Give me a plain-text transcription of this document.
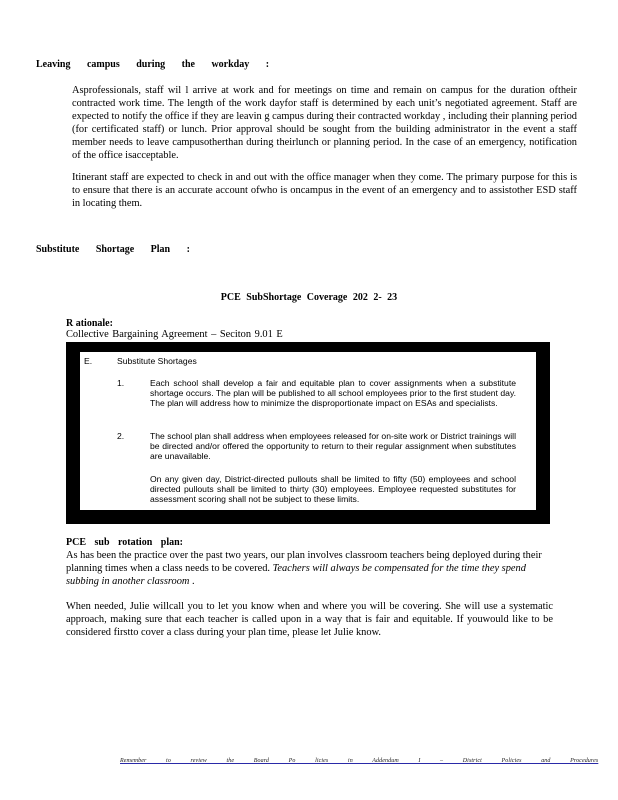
Leaving campus during the workday :
Asprofessionals, staff wil l arrive at work and for meetings on time and remain on campus for the duration oftheir contracted work time. The length of the work dayfor staff is determined by each unit’s negotiated agreement. Staff are expected to notify the office if they are leavin g campus during their contracted workday , including their planning period (for certificated staff) or lunch. Prior approval should be sought from the building administrator in the event a staff member needs to leave campusotherthan during theirlunch or planning period. In the case of an emergency, notification of the office isacceptable.
Itinerant staff are expected to check in and out with the office manager when they come. The primary purpose for this is to ensure that there is an accurate account ofwho is oncampus in the event of an emergency and to assistother ESD staff in locating them.
Substitute Shortage Plan :
PCE SubShortage Coverage 202 2- 23
R ationale:
Collective Bargaining Agreement – Seciton 9.01 E
E.	Substitute Shortages
1.	Each school shall develop a fair and equitable plan to cover assignments when a substitute shortage occurs. The plan will be published to all school employees prior to the first student day. The plan will address how to minimize the disproportionate impact on ESAs and specialists.
2.	The school plan shall address when employees released for on-site work or District trainings will be directed and/or offered the opportunity to return to their regular assignment when substitutes are unavailable.
On any given day, District-directed pullouts shall be limited to fifty (50) employees and school directed pullouts shall be limited to thirty (30) employees. Employee requested substitutes for assessment scoring shall not be subject to these limits.
PCE sub rotation plan:
As has been the practice over the past two years, our plan involves classroom teachers being deployed during their planning times when a class needs to be covered. Teachers will always be compensated for the time they spend subbing in another classroom .
When needed, Julie willcall you to let you know when and where you will be covering. She will use a systematic approach, making sure that each teacher is called upon in a way that is fair and equitable. If youwould like to be considered firstto cover a class during your plan time, please let Julie know.
Remember to review the Board Po licies in Addendum I – District Policies and Procedures
